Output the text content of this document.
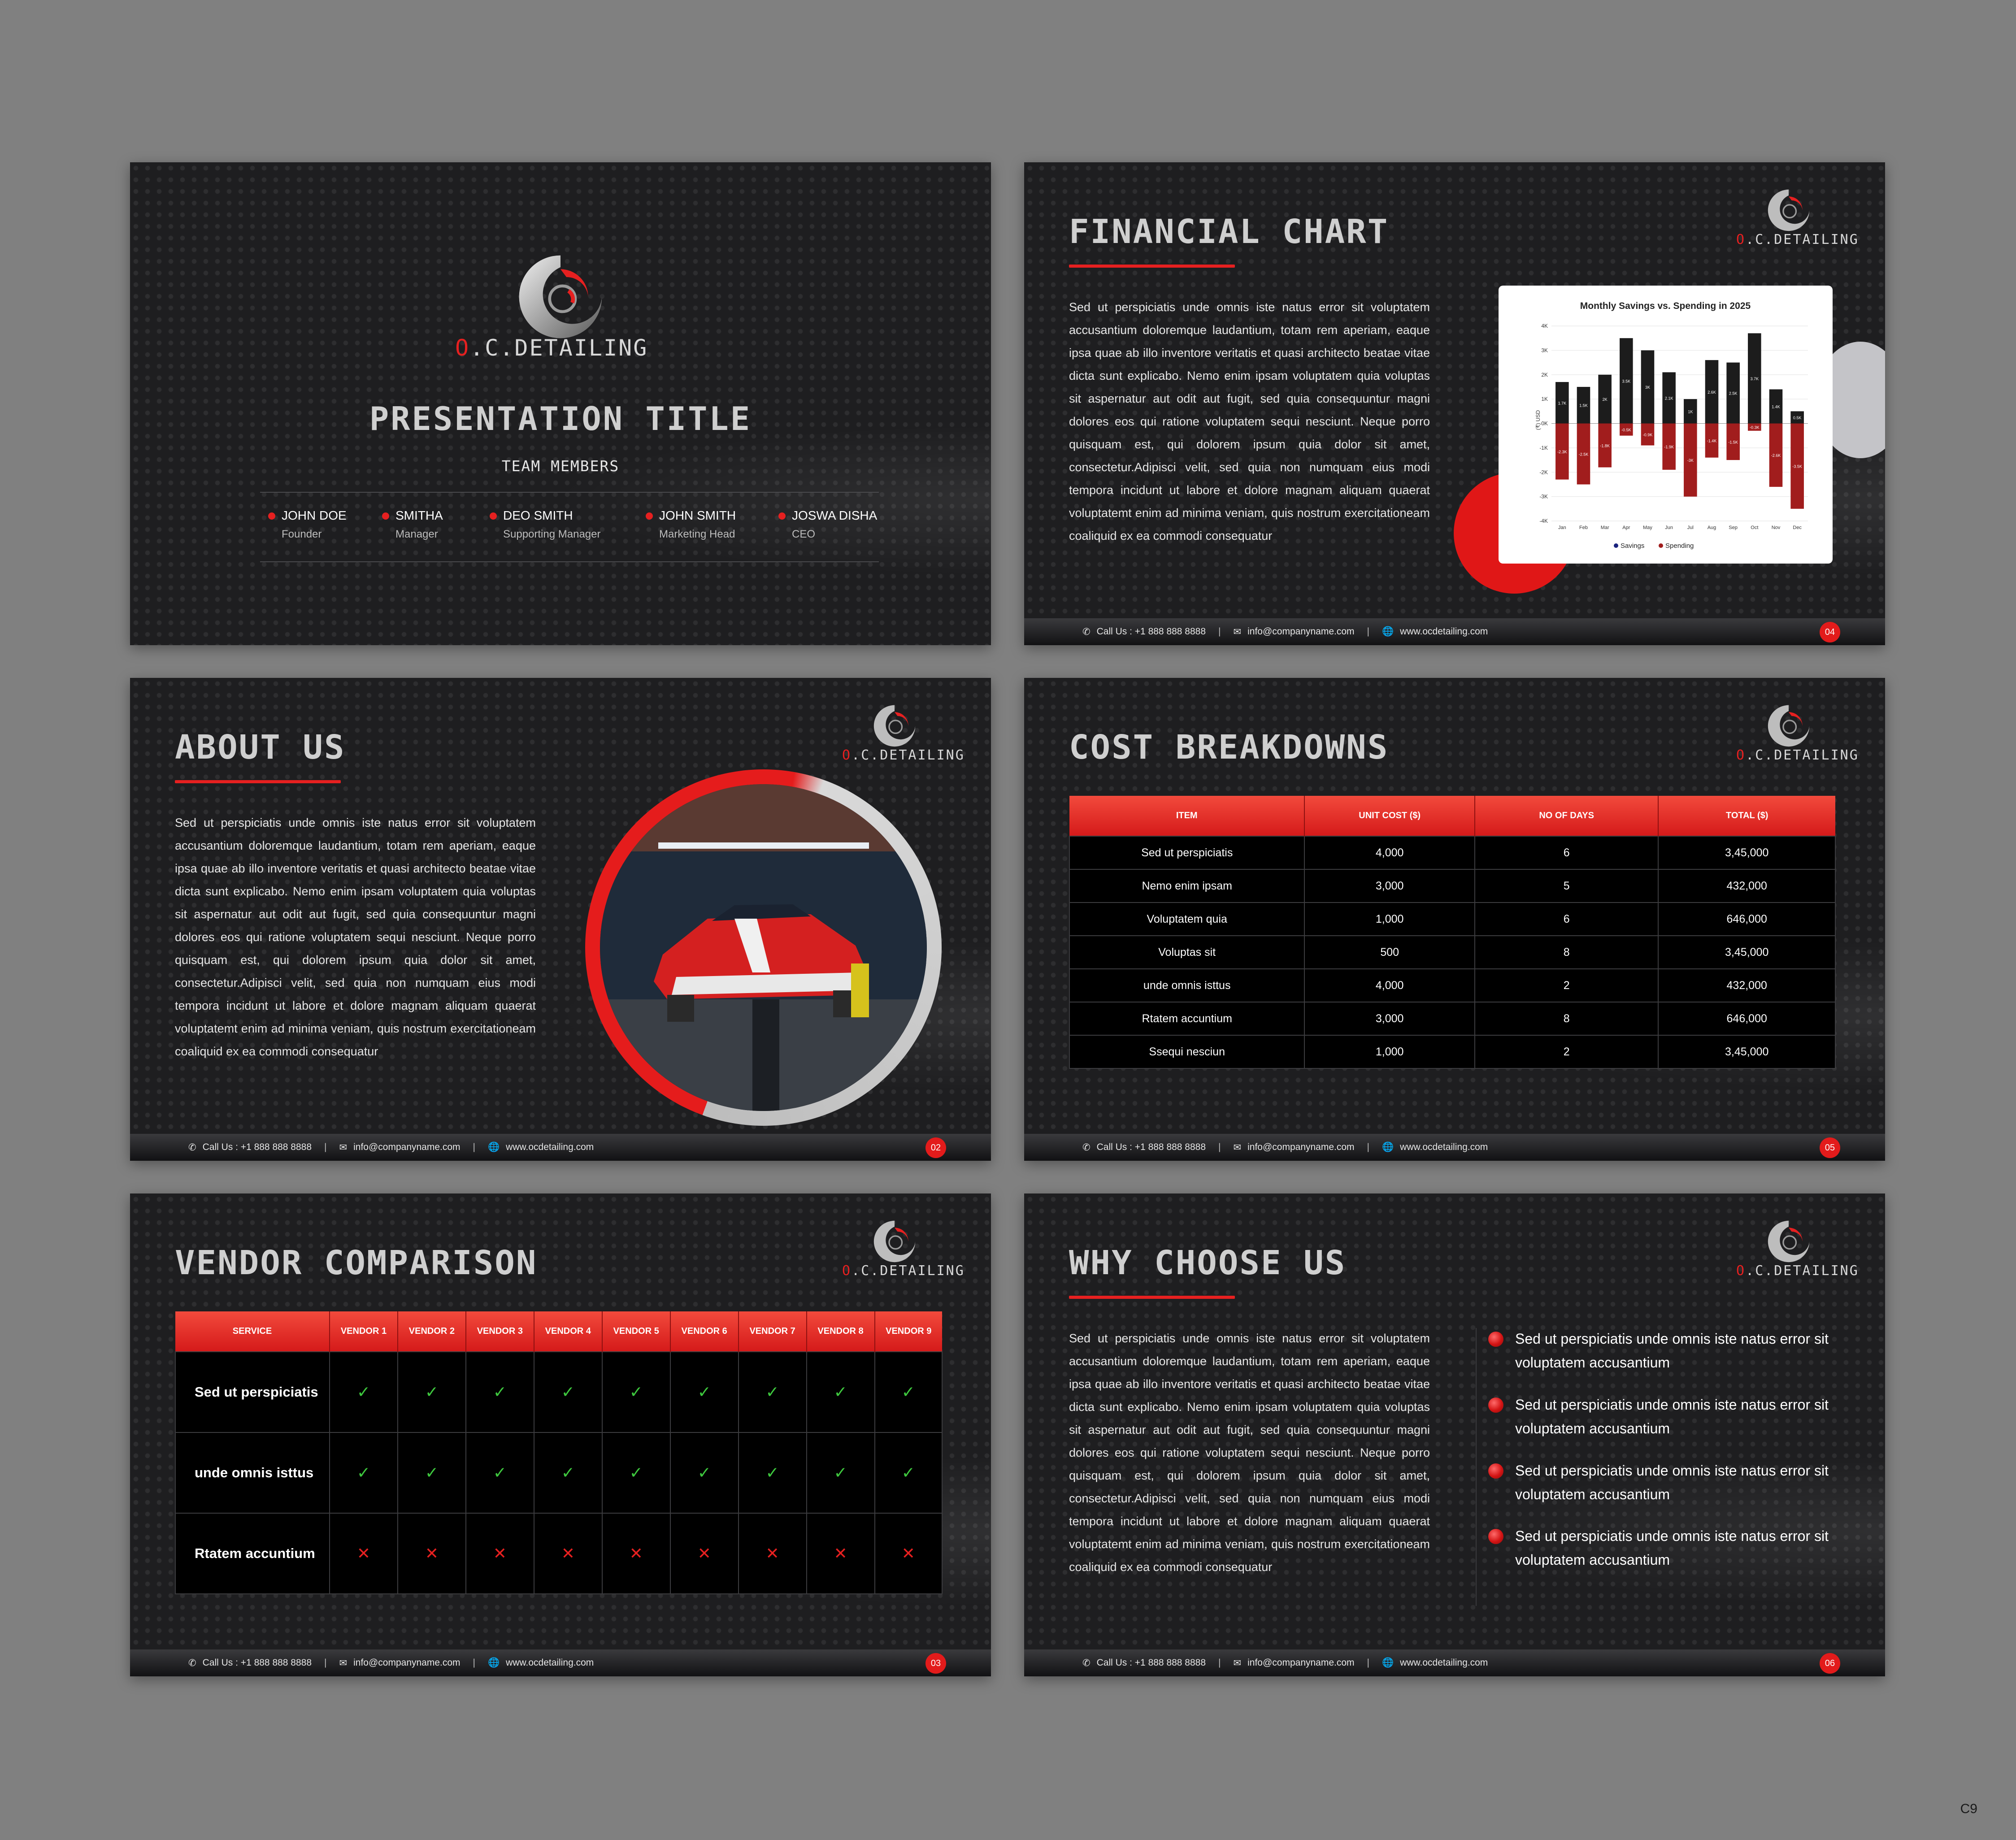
O.C.DETAILING
PRESENTATION TITLE
TEAM MEMBERS
JOHN DOE
Founder
SMITHA
Manager
DEO SMITH
Supporting Manager
JOHN SMITH
Marketing Head
JOSWA DISHA
CEO
FINANCIAL CHART	O.C.DETAILING
Sed ut perspiciatis unde omnis iste natus error sit voluptatem accusantium doloremque laudantium, totam rem aperiam, eaque ipsa quae ab illo inventore veritatis et quasi architecto beatae vitae dicta sunt explicabo. Nemo enim ipsam voluptatem quia voluptas sit aspernatur aut odit aut fugit, sed quia consequuntur magni dolores eos qui ratione voluptatem sequi nesciunt. Neque porro quisquam est, qui dolorem ipsum quia dolor sit amet, consectetur.Adipisci velit, sed quia non numquam eius modi tempora incidunt ut labore et dolore magnam aliquam quaerat voluptatemt enim ad minima veniam, quis nostrum exercitationeam coaliquid ex ea commodi consequatur
Monthly Savings vs. Spending in 2025
(₹) USD
4K
3K
2K
1K
0K
-1K
-2K
-3K
-4K
1.7K
-2.3K
1.5K
-2.5K
2K
-1.8K
3.5K
-0.5K
3K
-0.9K
2.1K
-1.9K
1K
-3K
2.6K
-1.4K
2.5K
-1.5K
3.7K
-0.3K
1.4K
-2.6K
0.5K
-3.5K
Jan	Feb	Mar	Apr	May	Jun	Jul	Aug	Sep	Oct	Nov	Dec
Savings	Spending
✆ Call Us : +1 888 888 8888 | ✉ info@companyname.com | 🌐 www.ocdetailing.com	04
ABOUT US	O.C.DETAILING
Sed ut perspiciatis unde omnis iste natus error sit voluptatem accusantium doloremque laudantium, totam rem aperiam, eaque ipsa quae ab illo inventore veritatis et quasi architecto beatae vitae dicta sunt explicabo. Nemo enim ipsam voluptatem quia voluptas sit aspernatur aut odit aut fugit, sed quia consequuntur magni dolores eos qui ratione voluptatem sequi nesciunt. Neque porro quisquam est, qui dolorem ipsum quia dolor sit amet, consectetur.Adipisci velit, sed quia non numquam eius modi tempora incidunt ut labore et dolore magnam aliquam quaerat voluptatemt enim ad minima veniam, quis nostrum exercitationeam coaliquid ex ea commodi consequatur
✆ Call Us : +1 888 888 8888 | ✉ info@companyname.com | 🌐 www.ocdetailing.com	02
COST BREAKDOWNS	O.C.DETAILING
ITEM	UNIT COST ($)	NO OF DAYS	TOTAL ($)
Sed ut perspiciatis	4,000	6	3,45,000
Nemo enim ipsam	3,000	5	432,000
Voluptatem quia	1,000	6	646,000
Voluptas sit	500	8	3,45,000
unde omnis isttus	4,000	2	432,000
Rtatem accuntium	3,000	8	646,000
Ssequi nesciun	1,000	2	3,45,000
✆ Call Us : +1 888 888 8888 | ✉ info@companyname.com | 🌐 www.ocdetailing.com	05
VENDOR COMPARISON	O.C.DETAILING
SERVICE	VENDOR 1	VENDOR 2	VENDOR 3	VENDOR 4	VENDOR 5	VENDOR 6	VENDOR 7	VENDOR 8	VENDOR 9
Sed ut perspiciatis	✓	✓	✓	✓	✓	✓	✓	✓	✓
unde omnis isttus	✓	✓	✓	✓	✓	✓	✓	✓	✓
Rtatem accuntium	✕	✕	✕	✕	✕	✕	✕	✕	✕
✆ Call Us : +1 888 888 8888 | ✉ info@companyname.com | 🌐 www.ocdetailing.com	03
WHY CHOOSE US	O.C.DETAILING
Sed ut perspiciatis unde omnis iste natus error sit voluptatem accusantium doloremque laudantium, totam rem aperiam, eaque ipsa quae ab illo inventore veritatis et quasi architecto beatae vitae dicta sunt explicabo. Nemo enim ipsam voluptatem quia voluptas sit aspernatur aut odit aut fugit, sed quia consequuntur magni dolores eos qui ratione voluptatem sequi nesciunt. Neque porro quisquam est, qui dolorem ipsum quia dolor sit amet, consectetur.Adipisci velit, sed quia non numquam eius modi tempora incidunt ut labore et dolore magnam aliquam quaerat voluptatemt enim ad minima veniam, quis nostrum exercitationeam coaliquid ex ea commodi consequatur
Sed ut perspiciatis unde omnis iste natus error sit voluptatem accusantium
Sed ut perspiciatis unde omnis iste natus error sit voluptatem accusantium
Sed ut perspiciatis unde omnis iste natus error sit voluptatem accusantium
Sed ut perspiciatis unde omnis iste natus error sit voluptatem accusantium
✆ Call Us : +1 888 888 8888 | ✉ info@companyname.com | 🌐 www.ocdetailing.com	06
C9
